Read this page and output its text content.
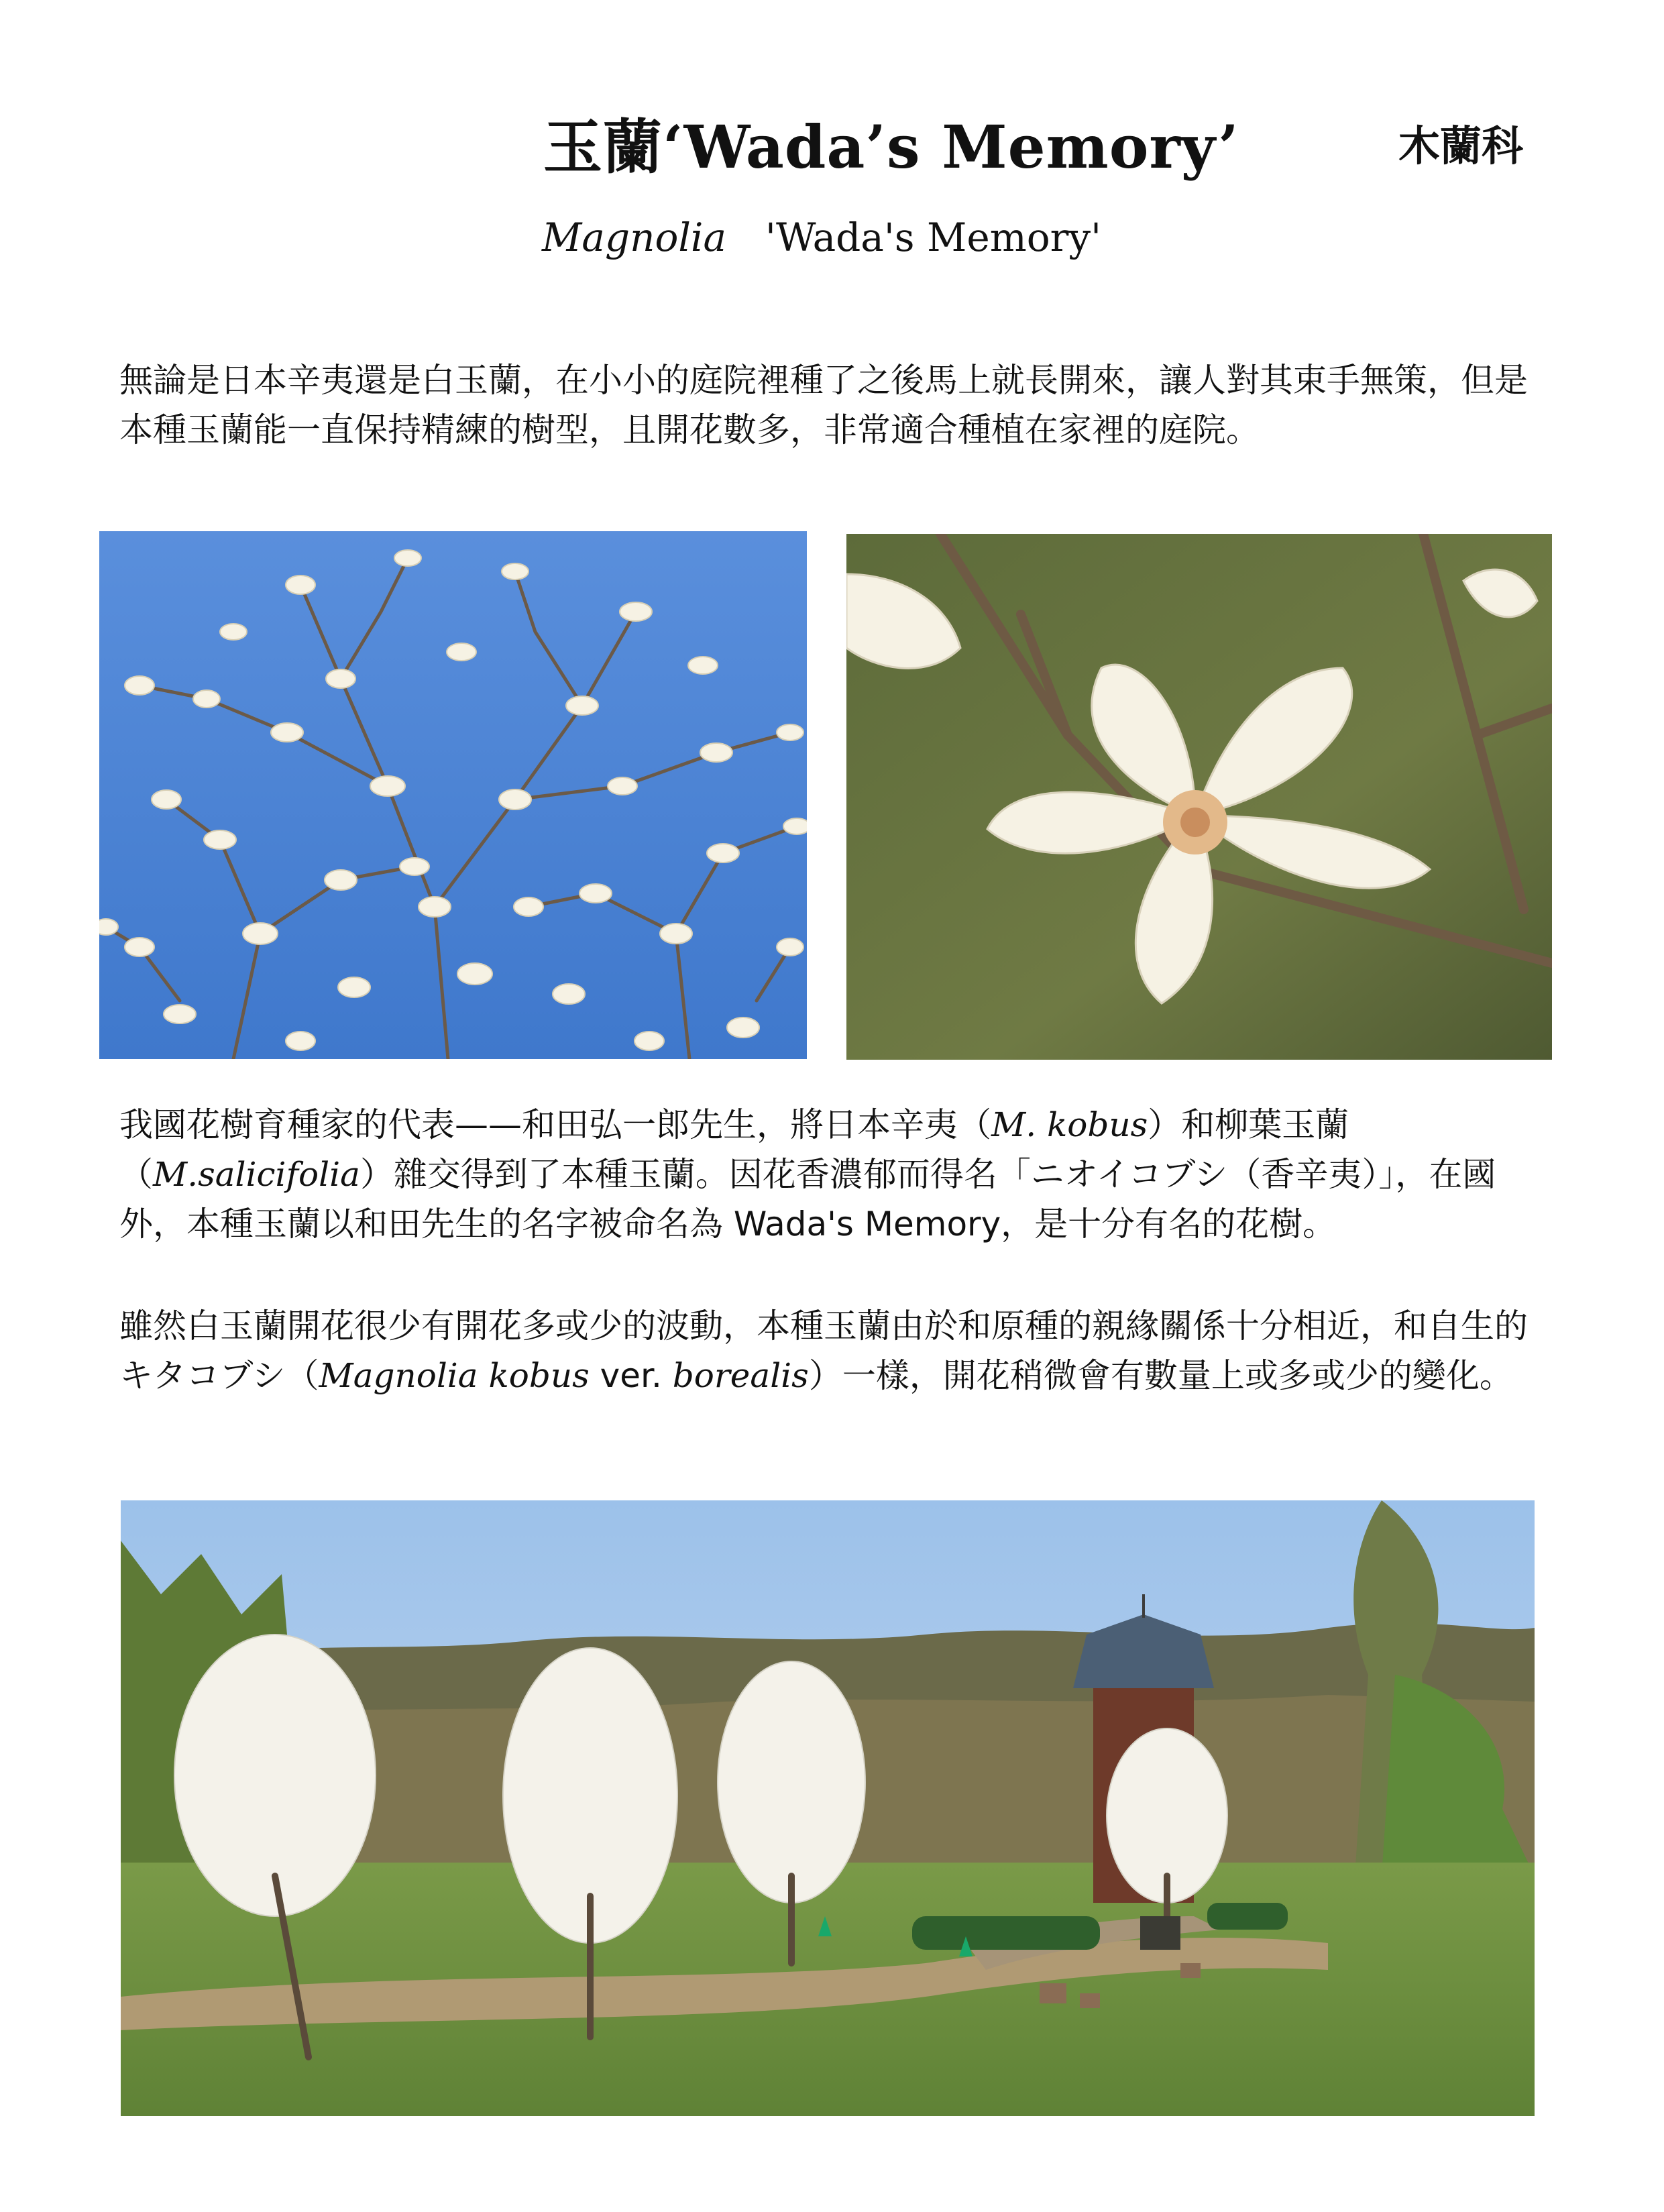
玉蘭‘Wada’s Memory’	木蘭科
Magnolia 'Wada's Memory'

無論是日本辛夷還是白玉蘭，在小小的庭院裡種了之後馬上就長開來，讓人對其束手無策，但是本種玉蘭能一直保持精練的樹型，且開花數多，非常適合種植在家裡的庭院。

我國花樹育種家的代表——和田弘一郎先生，將日本辛夷（M. kobus）和柳葉玉蘭（M.salicifolia）雜交得到了本種玉蘭。因花香濃郁而得名「ニオイコブシ（香辛夷）」，在國外，本種玉蘭以和田先生的名字被命名為 Wada's Memory，是十分有名的花樹。

雖然白玉蘭開花很少有開花多或少的波動，本種玉蘭由於和原種的親緣關係十分相近，和自生的キタコブシ（Magnolia kobus ver. borealis）一樣，開花稍微會有數量上或多或少的變化。
